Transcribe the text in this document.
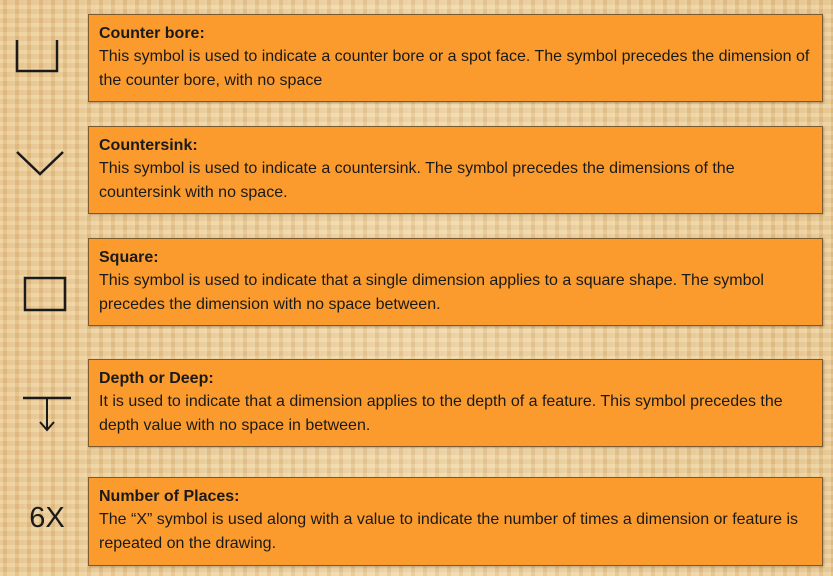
6X
Counter bore:
This symbol is used to indicate a counter bore or a spot face. The symbol precedes the dimension of the counter bore, with no space
Countersink:
This symbol is used to indicate a countersink. The symbol precedes the dimensions of the countersink with no space.
Square:
This symbol is used to indicate that a single dimension applies to a square shape. The symbol precedes the dimension with no space between.
Depth or Deep:
It is used to indicate that a dimension applies to the depth of a feature. This symbol precedes the depth value with no space in between.
Number of Places:
The “X” symbol is used along with a value to indicate the number of times a dimension or feature is repeated on the drawing.
